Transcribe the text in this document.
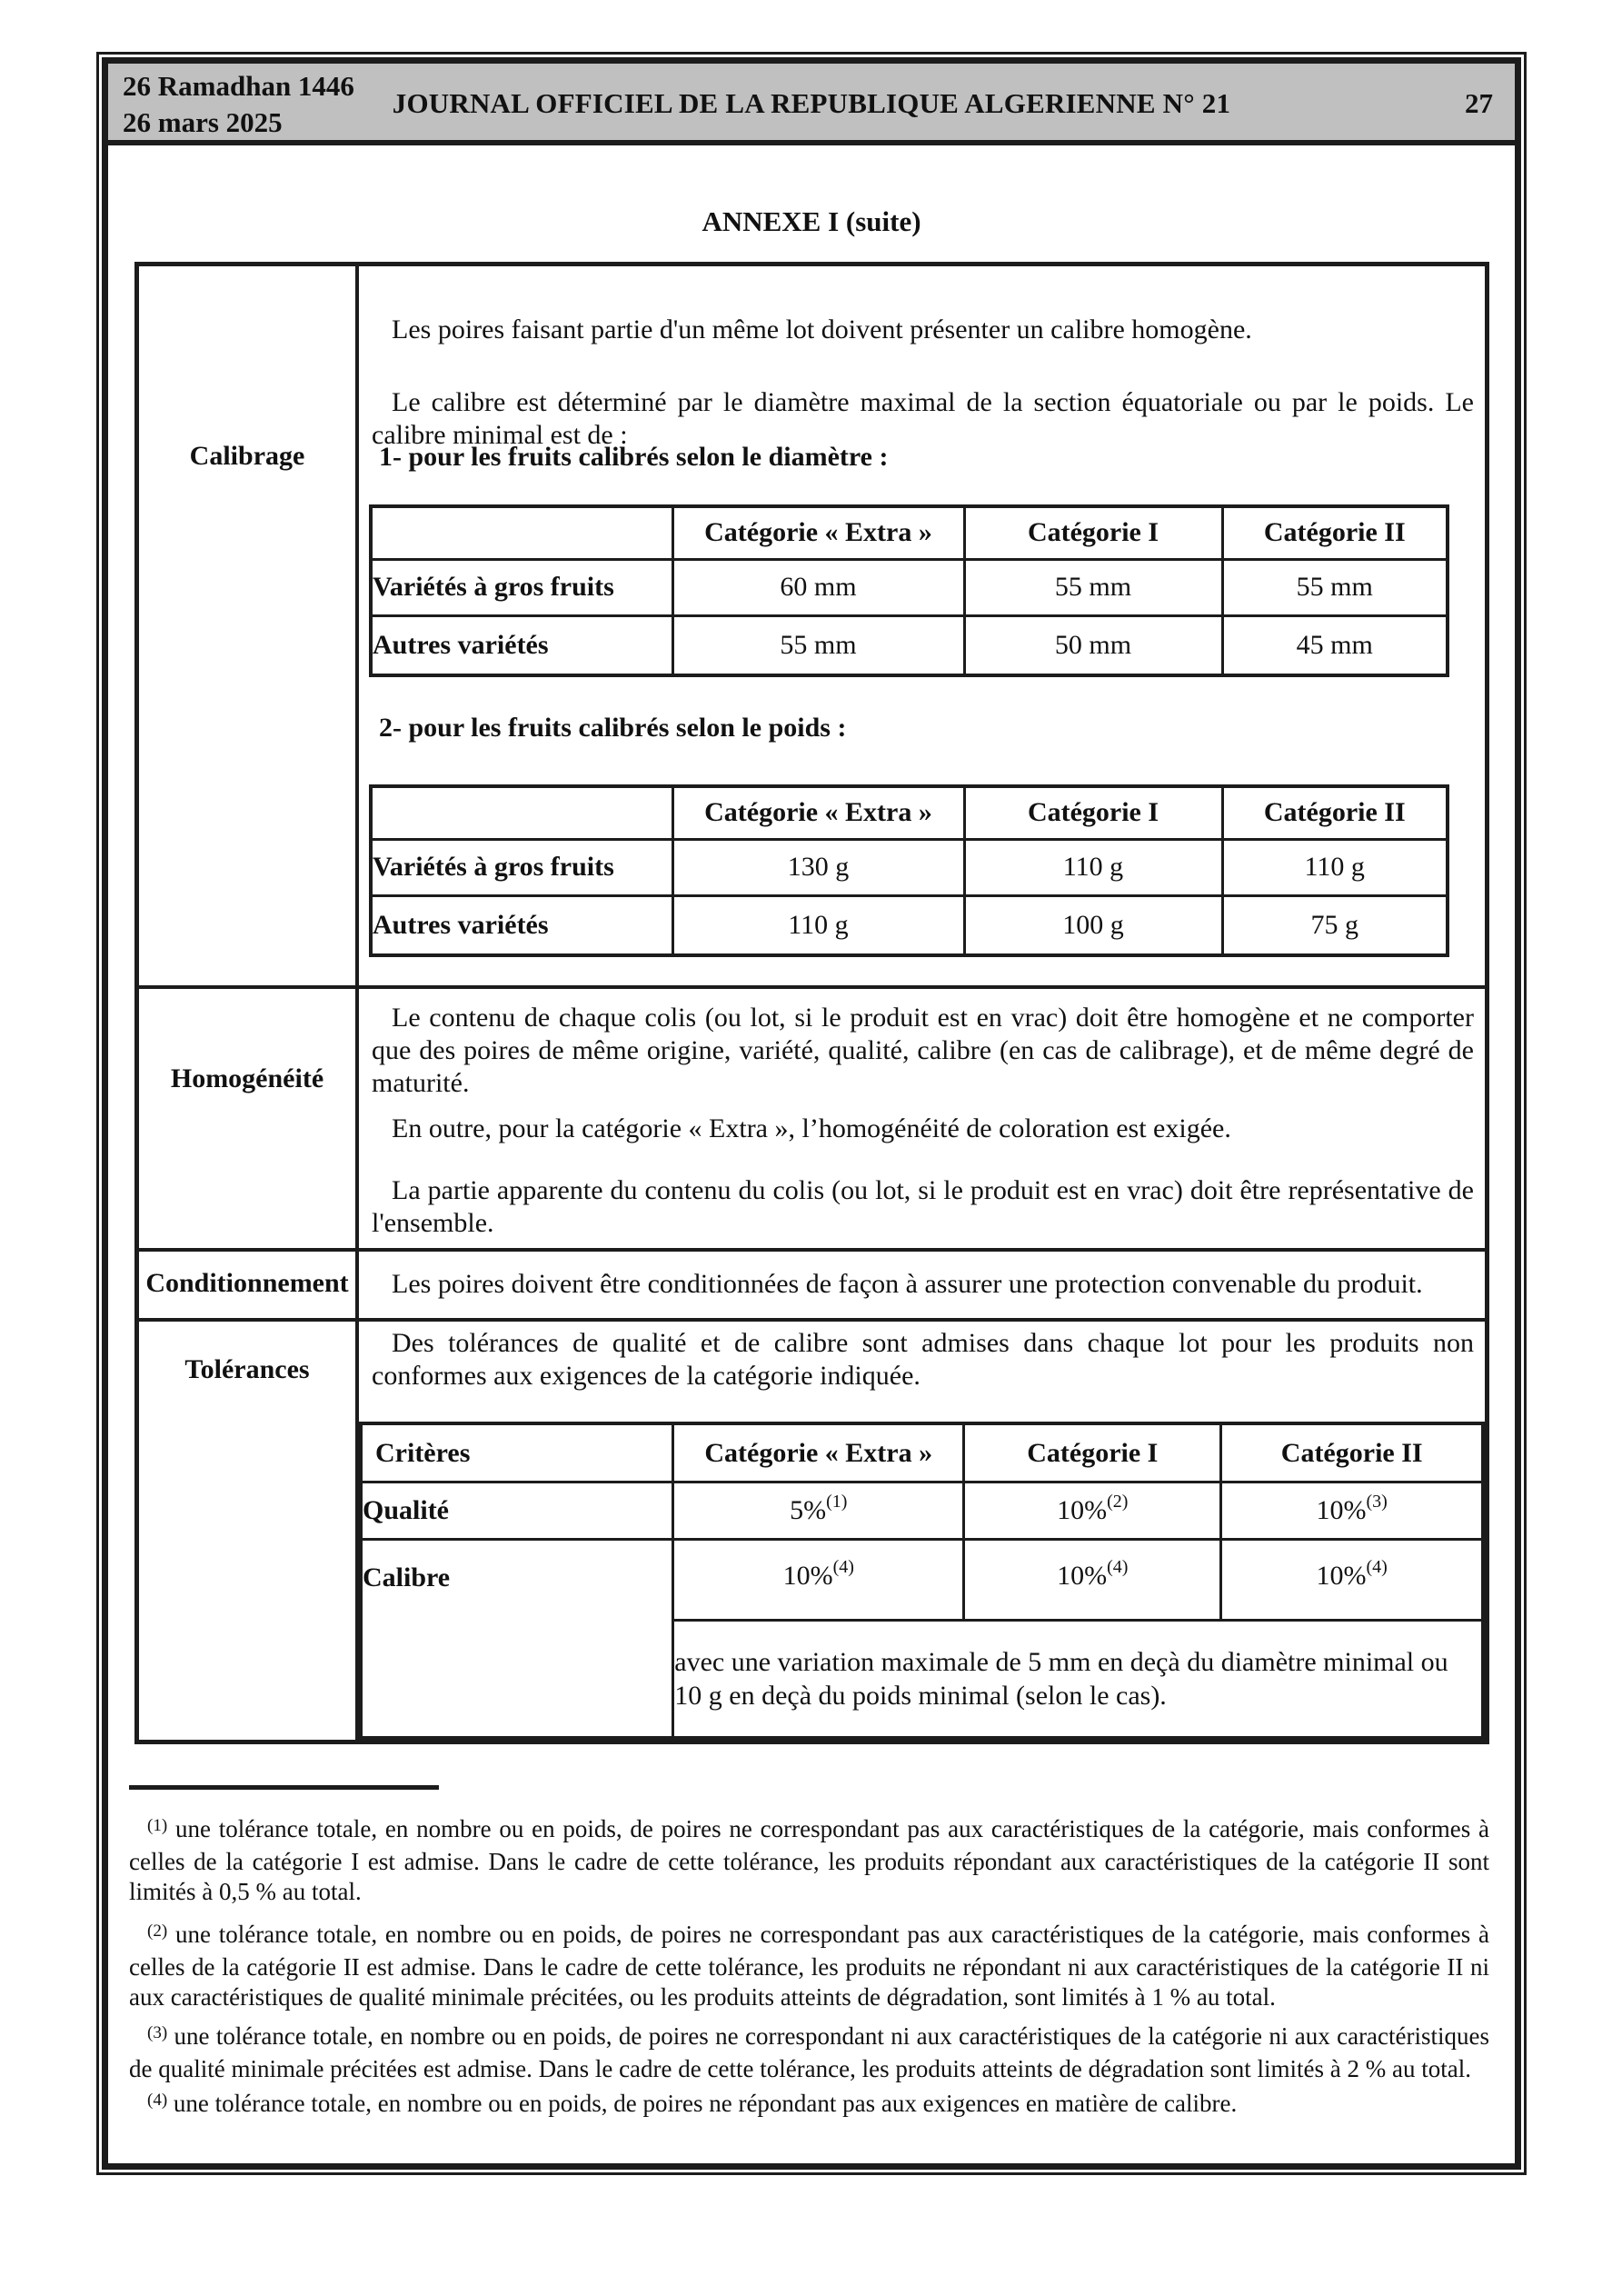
26 Ramadhan 1446
26 mars 2025
JOURNAL OFFICIEL DE LA REPUBLIQUE ALGERIENNE N° 21	27
ANNEXE I (suite)
Calibrage
Les poires faisant partie d'un même lot doivent présenter un calibre homogène.
Le calibre est déterminé par le diamètre maximal de la section équatoriale ou par le poids. Le calibre minimal est de :
1- pour les fruits calibrés selon le diamètre :
	Catégorie « Extra »	Catégorie I	Catégorie II
Variétés à gros fruits	60 mm	55 mm	55 mm
Autres variétés	55 mm	50 mm	45 mm
2- pour les fruits calibrés selon le poids :
	Catégorie « Extra »	Catégorie I	Catégorie II
Variétés à gros fruits	130 g	110 g	110 g
Autres variétés	110 g	100 g	75 g
Homogénéité
Le contenu de chaque colis (ou lot, si le produit est en vrac) doit être homogène et ne comporter que des poires de même origine, variété, qualité, calibre (en cas de calibrage), et de même degré de maturité.
En outre, pour la catégorie « Extra », l’homogénéité de coloration est exigée.
La partie apparente du contenu du colis (ou lot, si le produit est en vrac) doit être représentative de l'ensemble.
Conditionnement	Les poires doivent être conditionnées de façon à assurer une protection convenable du produit.
Tolérances
Des tolérances de qualité et de calibre sont admises dans chaque lot pour les produits non conformes aux exigences de la catégorie indiquée.
Critères	Catégorie « Extra »	Catégorie I	Catégorie II
Qualité	5%$^{(1)}$	10%$^{(2)}$	10%$^{(3)}$
Calibre	10%$^{(4)}$	10%$^{(4)}$	10%$^{(4)}$
	avec une variation maximale de 5 mm en deçà du diamètre minimal ou 10 g en deçà du poids minimal (selon le cas).		
$^{(1)}$ une tolérance totale, en nombre ou en poids, de poires ne correspondant pas aux caractéristiques de la catégorie, mais conformes à celles de la catégorie I est admise. Dans le cadre de cette tolérance, les produits répondant aux caractéristiques de la catégorie II sont limités à 0,5 % au total.
$^{(2)}$ une tolérance totale, en nombre ou en poids, de poires ne correspondant pas aux caractéristiques de la catégorie, mais conformes à celles de la catégorie II est admise. Dans le cadre de cette tolérance, les produits ne répondant ni aux caractéristiques de la catégorie II ni aux caractéristiques de qualité minimale précitées, ou les produits atteints de dégradation, sont limités à 1 % au total.
$^{(3)}$ une tolérance totale, en nombre ou en poids, de poires ne correspondant ni aux caractéristiques de la catégorie ni aux caractéristiques de qualité minimale précitées est admise. Dans le cadre de cette tolérance, les produits atteints de dégradation sont limités à 2 % au total.
$^{(4)}$ une tolérance totale, en nombre ou en poids, de poires ne répondant pas aux exigences en matière de calibre.
